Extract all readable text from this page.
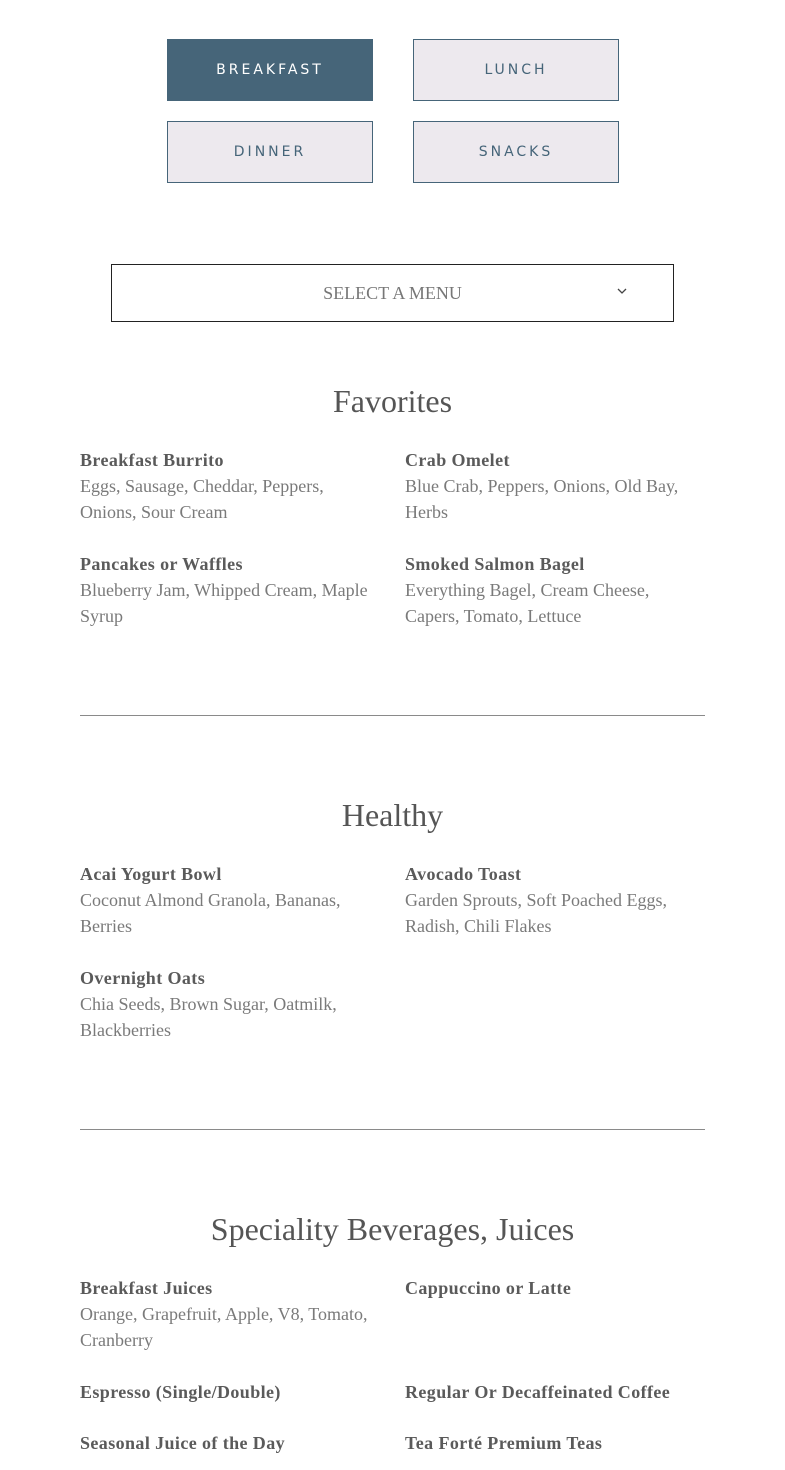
BREAKFAST	LUNCH
DINNER	SNACKS
SELECT A MENU
Favorites
Breakfast Burrito
Eggs, Sausage, Cheddar, Peppers, Onions, Sour Cream
Crab Omelet
Blue Crab, Peppers, Onions, Old Bay, Herbs
Pancakes or Waffles
Blueberry Jam, Whipped Cream, Maple Syrup
Smoked Salmon Bagel
Everything Bagel, Cream Cheese, Capers, Tomato, Lettuce
Healthy
Acai Yogurt Bowl
Coconut Almond Granola, Bananas, Berries
Avocado Toast
Garden Sprouts, Soft Poached Eggs, Radish, Chili Flakes
Overnight Oats
Chia Seeds, Brown Sugar, Oatmilk, Blackberries
Speciality Beverages, Juices
Breakfast Juices
Orange, Grapefruit, Apple, V8, Tomato, Cranberry
Cappuccino or Latte
Espresso (Single/Double)	Regular Or Decaffeinated Coffee
Seasonal Juice of the Day	Tea Forté Premium Teas
